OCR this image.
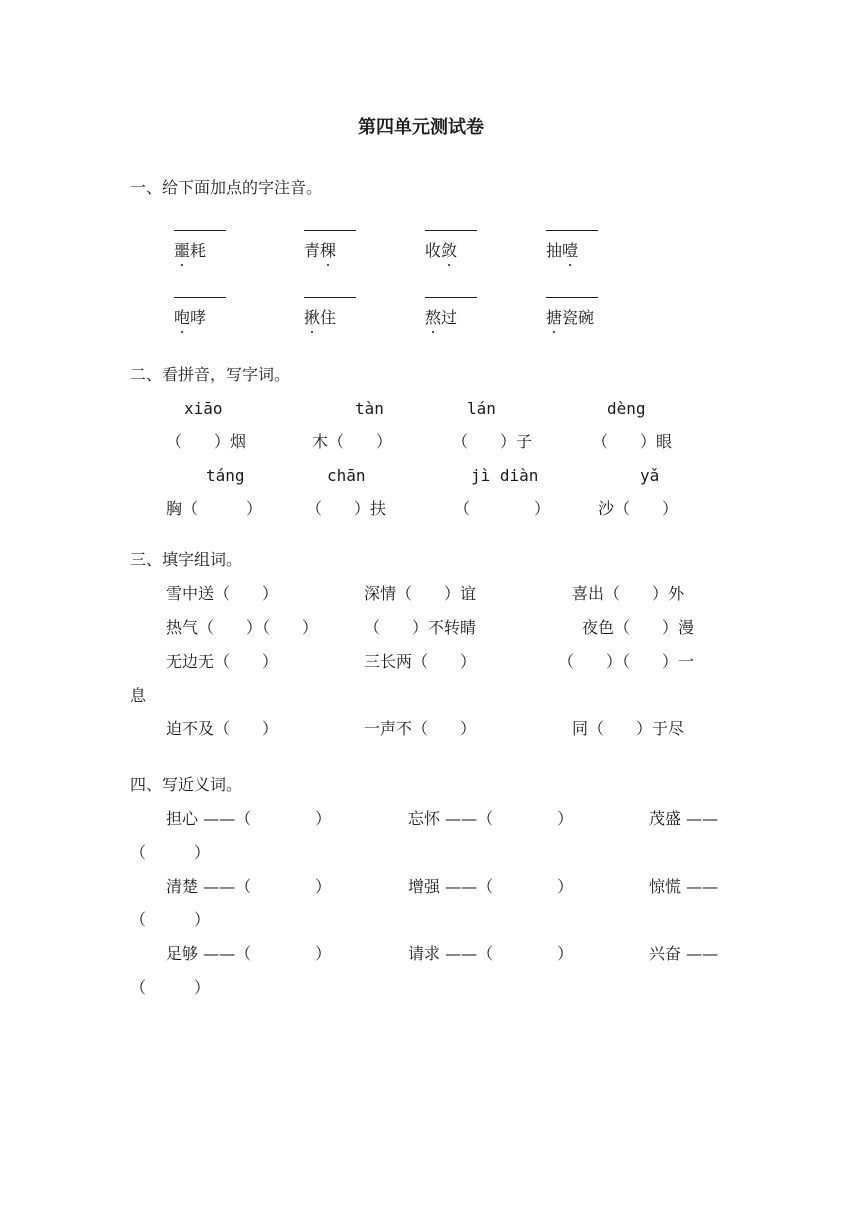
第四单元测试卷
一、给下面加点的字注音。
噩耗	青稞	收敛	抽噎
咆哮	揪住	熬过	搪瓷碗
二、看拼音，写字词。
xiāo	tàn	lán	dèng
（　　）烟	木（　　）	（　　）子	（　　）眼
táng	chān	jì diàn	yǎ
胸（　　　）	（　　）扶	（　　　　）	沙（　　）
三、填字组词。
雪中送（　　）	深情（　　）谊	喜出（　　）外
热气（　　）（　　）	（　　）不转睛	夜色（　　）漫
无边无（　　）	三长两（　　）	（　　）（　　）一
息
迫不及（　　）	一声不（　　）	同（　　）于尽
四、写近义词。
担心 ——（　　　　）	忘怀 ——（　　　　）	茂盛 ——
（　　　）
清楚 ——（　　　　）	增强 ——（　　　　）	惊慌 ——
（　　　）
足够 ——（　　　　）	请求 ——（　　　　）	兴奋 ——
（　　　）
